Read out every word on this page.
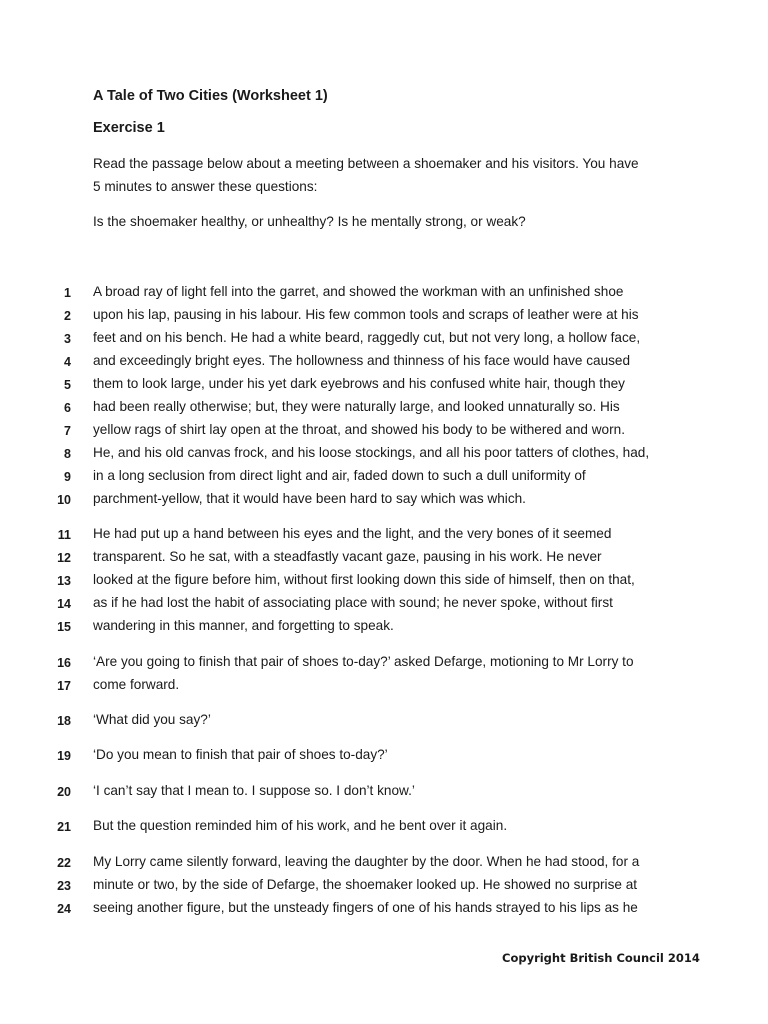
A Tale of Two Cities (Worksheet 1)
Exercise 1
Read the passage below about a meeting between a shoemaker and his visitors. You have
5 minutes to answer these questions:
Is the shoemaker healthy, or unhealthy? Is he mentally strong, or weak?
1 A broad ray of light fell into the garret, and showed the workman with an unfinished shoe
2 upon his lap, pausing in his labour. His few common tools and scraps of leather were at his
3 feet and on his bench. He had a white beard, raggedly cut, but not very long, a hollow face,
4 and exceedingly bright eyes. The hollowness and thinness of his face would have caused
5 them to look large, under his yet dark eyebrows and his confused white hair, though they
6 had been really otherwise; but, they were naturally large, and looked unnaturally so. His
7 yellow rags of shirt lay open at the throat, and showed his body to be withered and worn.
8 He, and his old canvas frock, and his loose stockings, and all his poor tatters of clothes, had,
9 in a long seclusion from direct light and air, faded down to such a dull uniformity of
10 parchment-yellow, that it would have been hard to say which was which.
11 He had put up a hand between his eyes and the light, and the very bones of it seemed
12 transparent. So he sat, with a steadfastly vacant gaze, pausing in his work. He never
13 looked at the figure before him, without first looking down this side of himself, then on that,
14 as if he had lost the habit of associating place with sound; he never spoke, without first
15 wandering in this manner, and forgetting to speak.
16 ‘Are you going to finish that pair of shoes to-day?’ asked Defarge, motioning to Mr Lorry to
17 come forward.
18 ‘What did you say?’
19 ‘Do you mean to finish that pair of shoes to-day?’
20 ‘I can’t say that I mean to. I suppose so. I don’t know.’
21 But the question reminded him of his work, and he bent over it again.
22 My Lorry came silently forward, leaving the daughter by the door. When he had stood, for a
23 minute or two, by the side of Defarge, the shoemaker looked up. He showed no surprise at
24 seeing another figure, but the unsteady fingers of one of his hands strayed to his lips as he
Copyright British Council 2014
